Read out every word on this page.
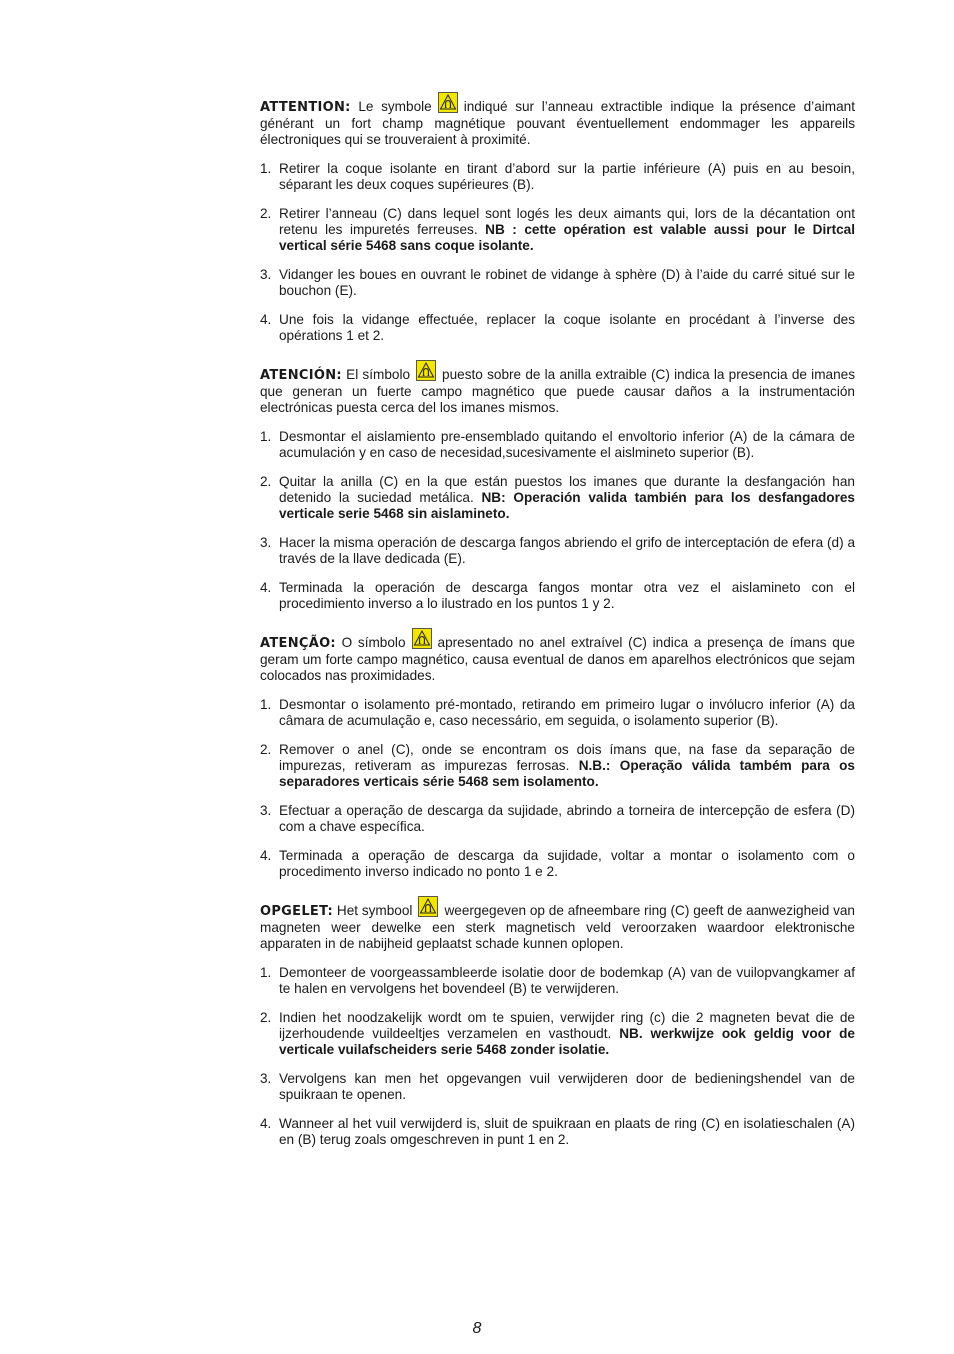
ATTENTION: Le symbole indiqué sur l’anneau extractible indique la présence d’aimant générant un fort champ magnétique pouvant éventuellement endommager les appareils électroniques qui se trouveraient à proximité.

1. Retirer la coque isolante en tirant d’abord sur la partie inférieure (A) puis en au besoin, séparant les deux coques supérieures (B).
2. Retirer l’anneau (C) dans lequel sont logés les deux aimants qui, lors de la décantation ont retenu les impuretés ferreuses. NB : cette opération est valable aussi pour le Dirtcal vertical série 5468 sans coque isolante.
3. Vidanger les boues en ouvrant le robinet de vidange à sphère (D) à l’aide du carré situé sur le bouchon (E).
4. Une fois la vidange effectuée, replacer la coque isolante en procédant à l’inverse des opérations 1 et 2.

ATENCIÓN: El símbolo puesto sobre de la anilla extraible (C) indica la presencia de imanes que generan un fuerte campo magnético que puede causar daños a la instrumentación electrónicas puesta cerca del los imanes mismos.

1. Desmontar el aislamiento pre-ensemblado quitando el envoltorio inferior (A) de la cámara de acumulación y en caso de necesidad,sucesivamente el aislmineto superior (B).
2. Quitar la anilla (C) en la que están puestos los imanes que durante la desfangación han detenido la suciedad metálica. NB: Operación valida también para los desfangadores verticale serie 5468 sin aislamineto.
3. Hacer la misma operación de descarga fangos abriendo el grifo de interceptación de efera (d) a través de la llave dedicada (E).
4. Terminada la operación de descarga fangos montar otra vez el aislamineto con el procedimiento inverso a lo ilustrado en los puntos 1 y 2.

ATENÇÃO: O símbolo apresentado no anel extraível (C) indica a presença de ímans que geram um forte campo magnético, causa eventual de danos em aparelhos electrónicos que sejam colocados nas proximidades.

1. Desmontar o isolamento pré-montado, retirando em primeiro lugar o invólucro inferior (A) da câmara de acumulação e, caso necessário, em seguida, o isolamento superior (B).
2. Remover o anel (C), onde se encontram os dois ímans que, na fase da separação de impurezas, retiveram as impurezas ferrosas. N.B.: Operação válida também para os separadores verticais série 5468 sem isolamento.
3. Efectuar a operação de descarga da sujidade, abrindo a torneira de intercepção de esfera (D) com a chave específica.
4. Terminada a operação de descarga da sujidade, voltar a montar o isolamento com o procedimento inverso indicado no ponto 1 e 2.

OPGELET: Het symbool weergegeven op de afneembare ring (C) geeft de aanwezigheid van magneten weer dewelke een sterk magnetisch veld veroorzaken waardoor elektronische apparaten in de nabijheid geplaatst schade kunnen oplopen.

1. Demonteer de voorgeassambleerde isolatie door de bodemkap (A) van de vuilopvangkamer af te halen en vervolgens het bovendeel (B) te verwijderen.
2. Indien het noodzakelijk wordt om te spuien, verwijder ring (c) die 2 magneten bevat die de ijzerhoudende vuildeeltjes verzamelen en vasthoudt. NB. werkwijze ook geldig voor de verticale vuilafscheiders serie 5468 zonder isolatie.
3. Vervolgens kan men het opgevangen vuil verwijderen door de bedieningshendel van de spuikraan te openen.
4. Wanneer al het vuil verwijderd is, sluit de spuikraan en plaats de ring (C) en isolatieschalen (A) en (B) terug zoals omgeschreven in punt 1 en 2.
8
